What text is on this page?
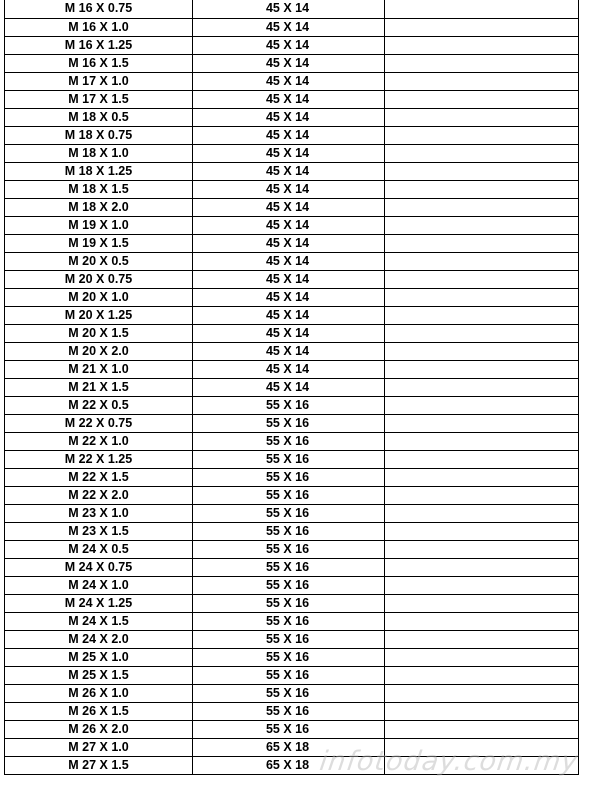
M 16 X 0.75	45 X 14	
M 16 X 1.0	45 X 14	
M 16 X 1.25	45 X 14	
M 16 X 1.5	45 X 14	
M 17 X 1.0	45 X 14	
M 17 X 1.5	45 X 14	
M 18 X 0.5	45 X 14	
M 18 X 0.75	45 X 14	
M 18 X 1.0	45 X 14	
M 18 X 1.25	45 X 14	
M 18 X 1.5	45 X 14	
M 18 X 2.0	45 X 14	
M 19 X 1.0	45 X 14	
M 19 X 1.5	45 X 14	
M 20 X 0.5	45 X 14	
M 20 X 0.75	45 X 14	
M 20 X 1.0	45 X 14	
M 20 X 1.25	45 X 14	
M 20 X 1.5	45 X 14	
M 20 X 2.0	45 X 14	
M 21 X 1.0	45 X 14	
M 21 X 1.5	45 X 14	
M 22 X 0.5	55 X 16	
M 22 X 0.75	55 X 16	
M 22 X 1.0	55 X 16	
M 22 X 1.25	55 X 16	
M 22 X 1.5	55 X 16	
M 22 X 2.0	55 X 16	
M 23 X 1.0	55 X 16	
M 23 X 1.5	55 X 16	
M 24 X 0.5	55 X 16	
M 24 X 0.75	55 X 16	
M 24 X 1.0	55 X 16	
M 24 X 1.25	55 X 16	
M 24 X 1.5	55 X 16	
M 24 X 2.0	55 X 16	
M 25 X 1.0	55 X 16	
M 25 X 1.5	55 X 16	
M 26 X 1.0	55 X 16	
M 26 X 1.5	55 X 16	
M 26 X 2.0	55 X 16	
M 27 X 1.0	65 X 18	
M 27 X 1.5	65 X 18	infotoday.com.my
